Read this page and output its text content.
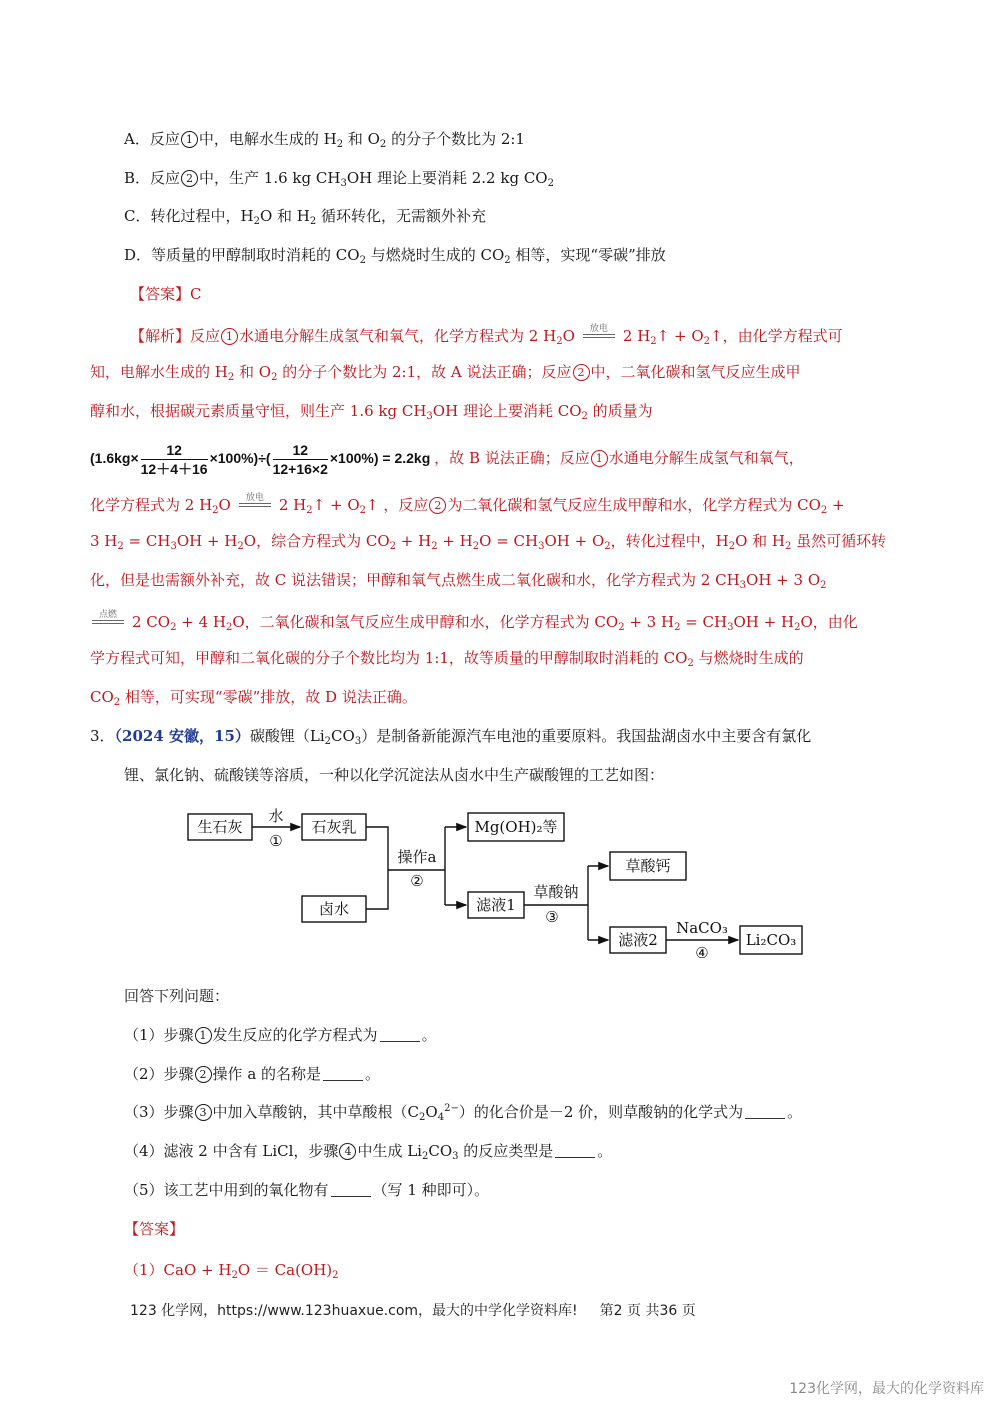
A．反应 1 中，电解水生成的 $H_2$ 和 $O_2$ 的分子个数比为 2:1
B．反应 2 中，生产 1.6 kg $CH_3OH$ 理论上要消耗 2.2 kg $CO_2$
C．转化过程中，$H_2O$ 和 $H_2$ 循环转化，无需额外补充
D．等质量的甲醇制取时消耗的 $CO_2$ 与燃烧时生成的 $CO_2$ 相等，实现“零碳”排放
【答案】C
【解析】反应 1 水通电分解生成氢气和氧气，化学方程式为 2 $H_2O$	放电	2 $H_2↑$ + $O_2↑$，由化学方程式可
知，电解水生成的 $H_2$ 和 $O_2$ 的分子个数比为 2:1，故 A 说法正确；反应 2 中，二氧化碳和氢气反应生成甲
醇和水，根据碳元素质量守恒，则生产 1.6 kg $CH_3OH$ 理论上要消耗 $CO_2$ 的质量为
$(1.6kg\times \frac{12}{12+4+16} \times 100\%)\div( \frac{12}{12+16\times 2} \times 100\%) = 2.2kg$ ，故 B 说法正确；反应 1 水通电分解生成氢气和氧气，
化学方程式为 2 $H_2O$	放电	2 $H_2↑$ + $O_2↑$ ，反应 2 为二氧化碳和氢气反应生成甲醇和水，化学方程式为 $CO_2$ +
3 $H_2 = CH_3OH + H_2O$，综合方程式为 $CO_2 + H_2 + H_2O = CH_3OH + O_2$，转化过程中，$H_2O$ 和 $H_2$ 虽然可循环转
化，但是也需额外补充，故 C 说法错误；甲醇和氧气点燃生成二氧化碳和水，化学方程式为 2 $CH_3OH + 3$ $O_2$
点燃	2 $CO_2 + 4$ $H_2O$，二氧化碳和氢气反应生成甲醇和水，化学方程式为 $CO_2 + 3$ $H_2 = CH_3OH + H_2O$，由化
学方程式可知，甲醇和二氧化碳的分子个数比均为 1:1，故等质量的甲醇制取时消耗的 $CO_2$ 与燃烧时生成的
$CO_2$ 相等，可实现“零碳”排放，故 D 说法正确。
3．（2024 安徽，15）碳酸锂$(Li_2CO_3)$是制备新能源汽车电池的重要原料。我国盐湖卤水中主要含有氯化
锂、氯化钠、硫酸镁等溶质，一种以化学沉淀法从卤水中生产碳酸锂的工艺如图：
生石灰
水
①
石灰乳
卤水
操作a
②
Mg(OH)₂等
滤液1
草酸钠
③
草酸钙
滤液2
NaCO₃
④
Li₂CO₃
回答下列问题：
（1）步骤 1 发生反应的化学方程式为	。
（2）步骤 2 操作 a 的名称是	。
（3）步骤 3 中加入草酸钠，其中草酸根$(C_2O_4^{2-})$的化合价是－2 价，则草酸钠的化学式为	。
（4）滤液 2 中含有 LiCl，步骤 4 中生成 $Li_2CO_3$ 的反应类型是	。
（5）该工艺中用到的氧化物有	（写 1 种即可）。
【答案】
$(1)CaO + H_2O = Ca(OH)_2$
123 化学网，https://www.123huaxue.com，最大的中学化学资料库! 第2 页 共36 页
123化学网，最大的化学资料库
